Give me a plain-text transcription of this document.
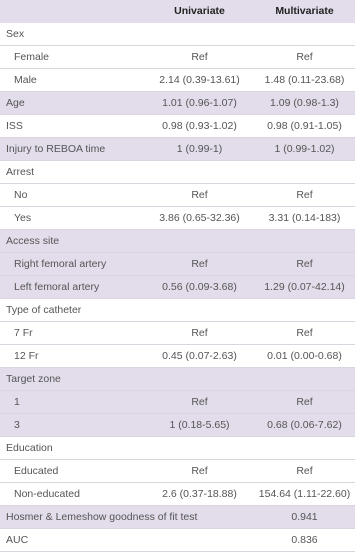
	Univariate	Multivariate
Sex		
Female	Ref	Ref
Male	2.14 (0.39-13.61)	1.48 (0.11-23.68)
Age	1.01 (0.96-1.07)	1.09 (0.98-1.3)
ISS	0.98 (0.93-1.02)	0.98 (0.91-1.05)
Injury to REBOA time	1 (0.99-1)	1 (0.99-1.02)
Arrest		
No	Ref	Ref
Yes	3.86 (0.65-32.36)	3.31 (0.14-183)
Access site		
Right femoral artery	Ref	Ref
Left femoral artery	0.56 (0.09-3.68)	1.29 (0.07-42.14)
Type of catheter		
7 Fr	Ref	Ref
12 Fr	0.45 (0.07-2.63)	0.01 (0.00-0.68)
Target zone		
1	Ref	Ref
3	1 (0.18-5.65)	0.68 (0.06-7.62)
Education		
Educated	Ref	Ref
Non-educated	2.6 (0.37-18.88)	154.64 (1.11-22.60)
Hosmer & Lemeshow goodness of fit test		0.941
AUC		0.836
